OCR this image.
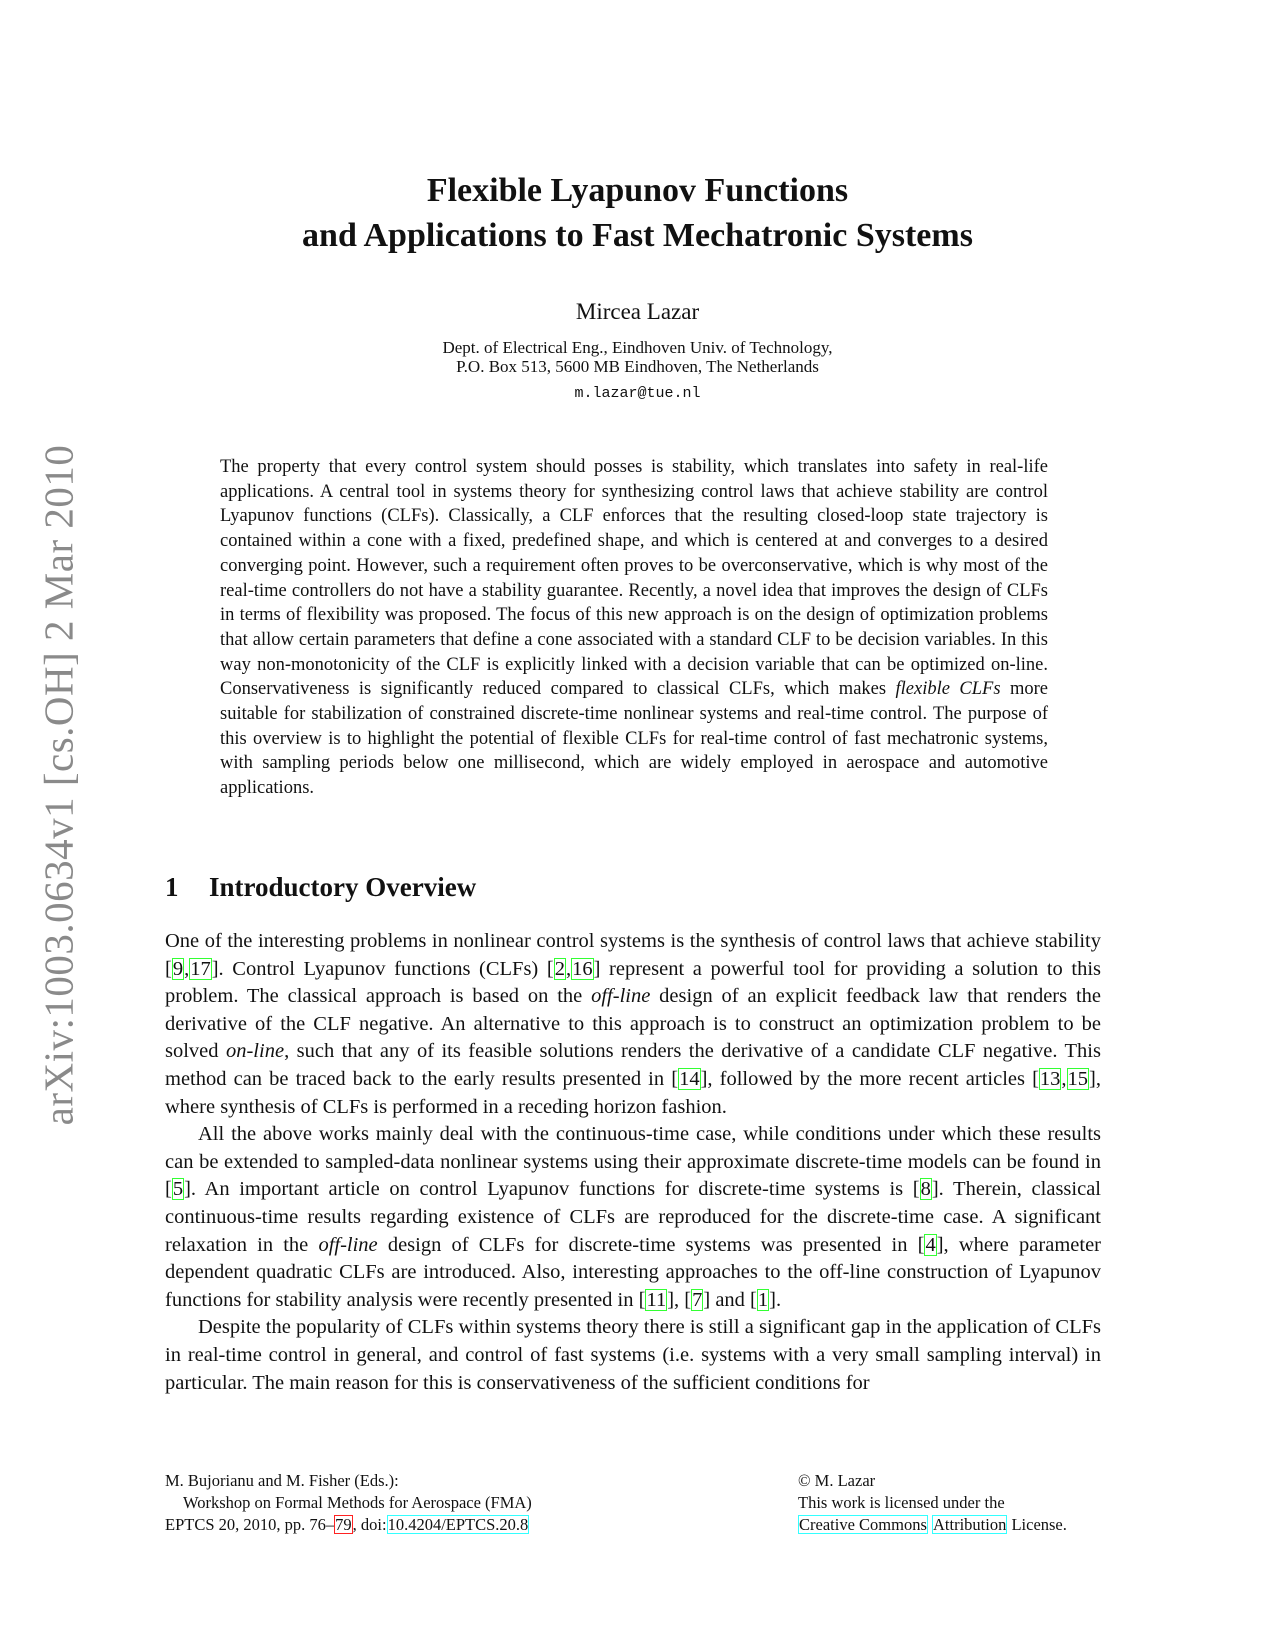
arXiv:1003.0634v1 [cs.OH] 2 Mar 2010
Flexible Lyapunov Functions
and Applications to Fast Mechatronic Systems

Mircea Lazar

Dept. of Electrical Eng., Eindhoven Univ. of Technology,
P.O. Box 513, 5600 MB Eindhoven, The Netherlands

m.lazar@tue.nl

The property that every control system should posses is stability, which translates into safety in real-life applications. A central tool in systems theory for synthesizing control laws that achieve stability are control Lyapunov functions (CLFs). Classically, a CLF enforces that the resulting closed-loop state trajectory is contained within a cone with a fixed, predefined shape, and which is centered at and converges to a desired converging point. However, such a requirement often proves to be overconservative, which is why most of the real-time controllers do not have a stability guarantee. Recently, a novel idea that improves the design of CLFs in terms of flexibility was proposed. The focus of this new approach is on the design of optimization problems that allow certain parameters that define a cone associated with a standard CLF to be decision variables. In this way non-monotonicity of the CLF is explicitly linked with a decision variable that can be optimized on-line. Conservativeness is significantly reduced compared to classical CLFs, which makes flexible CLFs more suitable for stabilization of constrained discrete-time nonlinear systems and real-time control. The purpose of this overview is to highlight the potential of flexible CLFs for real-time control of fast mechatronic systems, with sampling periods below one millisecond, which are widely employed in aerospace and automotive applications.

1 Introductory Overview

One of the interesting problems in nonlinear control systems is the synthesis of control laws that achieve stability [9,17]. Control Lyapunov functions (CLFs) [2,16] represent a powerful tool for providing a solution to this problem. The classical approach is based on the off-line design of an explicit feedback law that renders the derivative of the CLF negative. An alternative to this approach is to construct an optimization problem to be solved on-line, such that any of its feasible solutions renders the derivative of a candidate CLF negative. This method can be traced back to the early results presented in [14], followed by the more recent articles [13,15], where synthesis of CLFs is performed in a receding horizon fashion.

All the above works mainly deal with the continuous-time case, while conditions under which these results can be extended to sampled-data nonlinear systems using their approximate discrete-time models can be found in [5]. An important article on control Lyapunov functions for discrete-time systems is [8]. Therein, classical continuous-time results regarding existence of CLFs are reproduced for the discrete-time case. A significant relaxation in the off-line design of CLFs for discrete-time systems was presented in [4], where parameter dependent quadratic CLFs are introduced. Also, interesting approaches to the off-line construction of Lyapunov functions for stability analysis were recently presented in [11], [7] and [1].

Despite the popularity of CLFs within systems theory there is still a significant gap in the application of CLFs in real-time control in general, and control of fast systems (i.e. systems with a very small sampling interval) in particular. The main reason for this is conservativeness of the sufficient conditions for

M. Bujorianu and M. Fisher (Eds.):
Workshop on Formal Methods for Aerospace (FMA)
EPTCS 20, 2010, pp. 76–79, doi:10.4204/EPTCS.20.8
© M. Lazar
This work is licensed under the
Creative Commons Attribution License.
